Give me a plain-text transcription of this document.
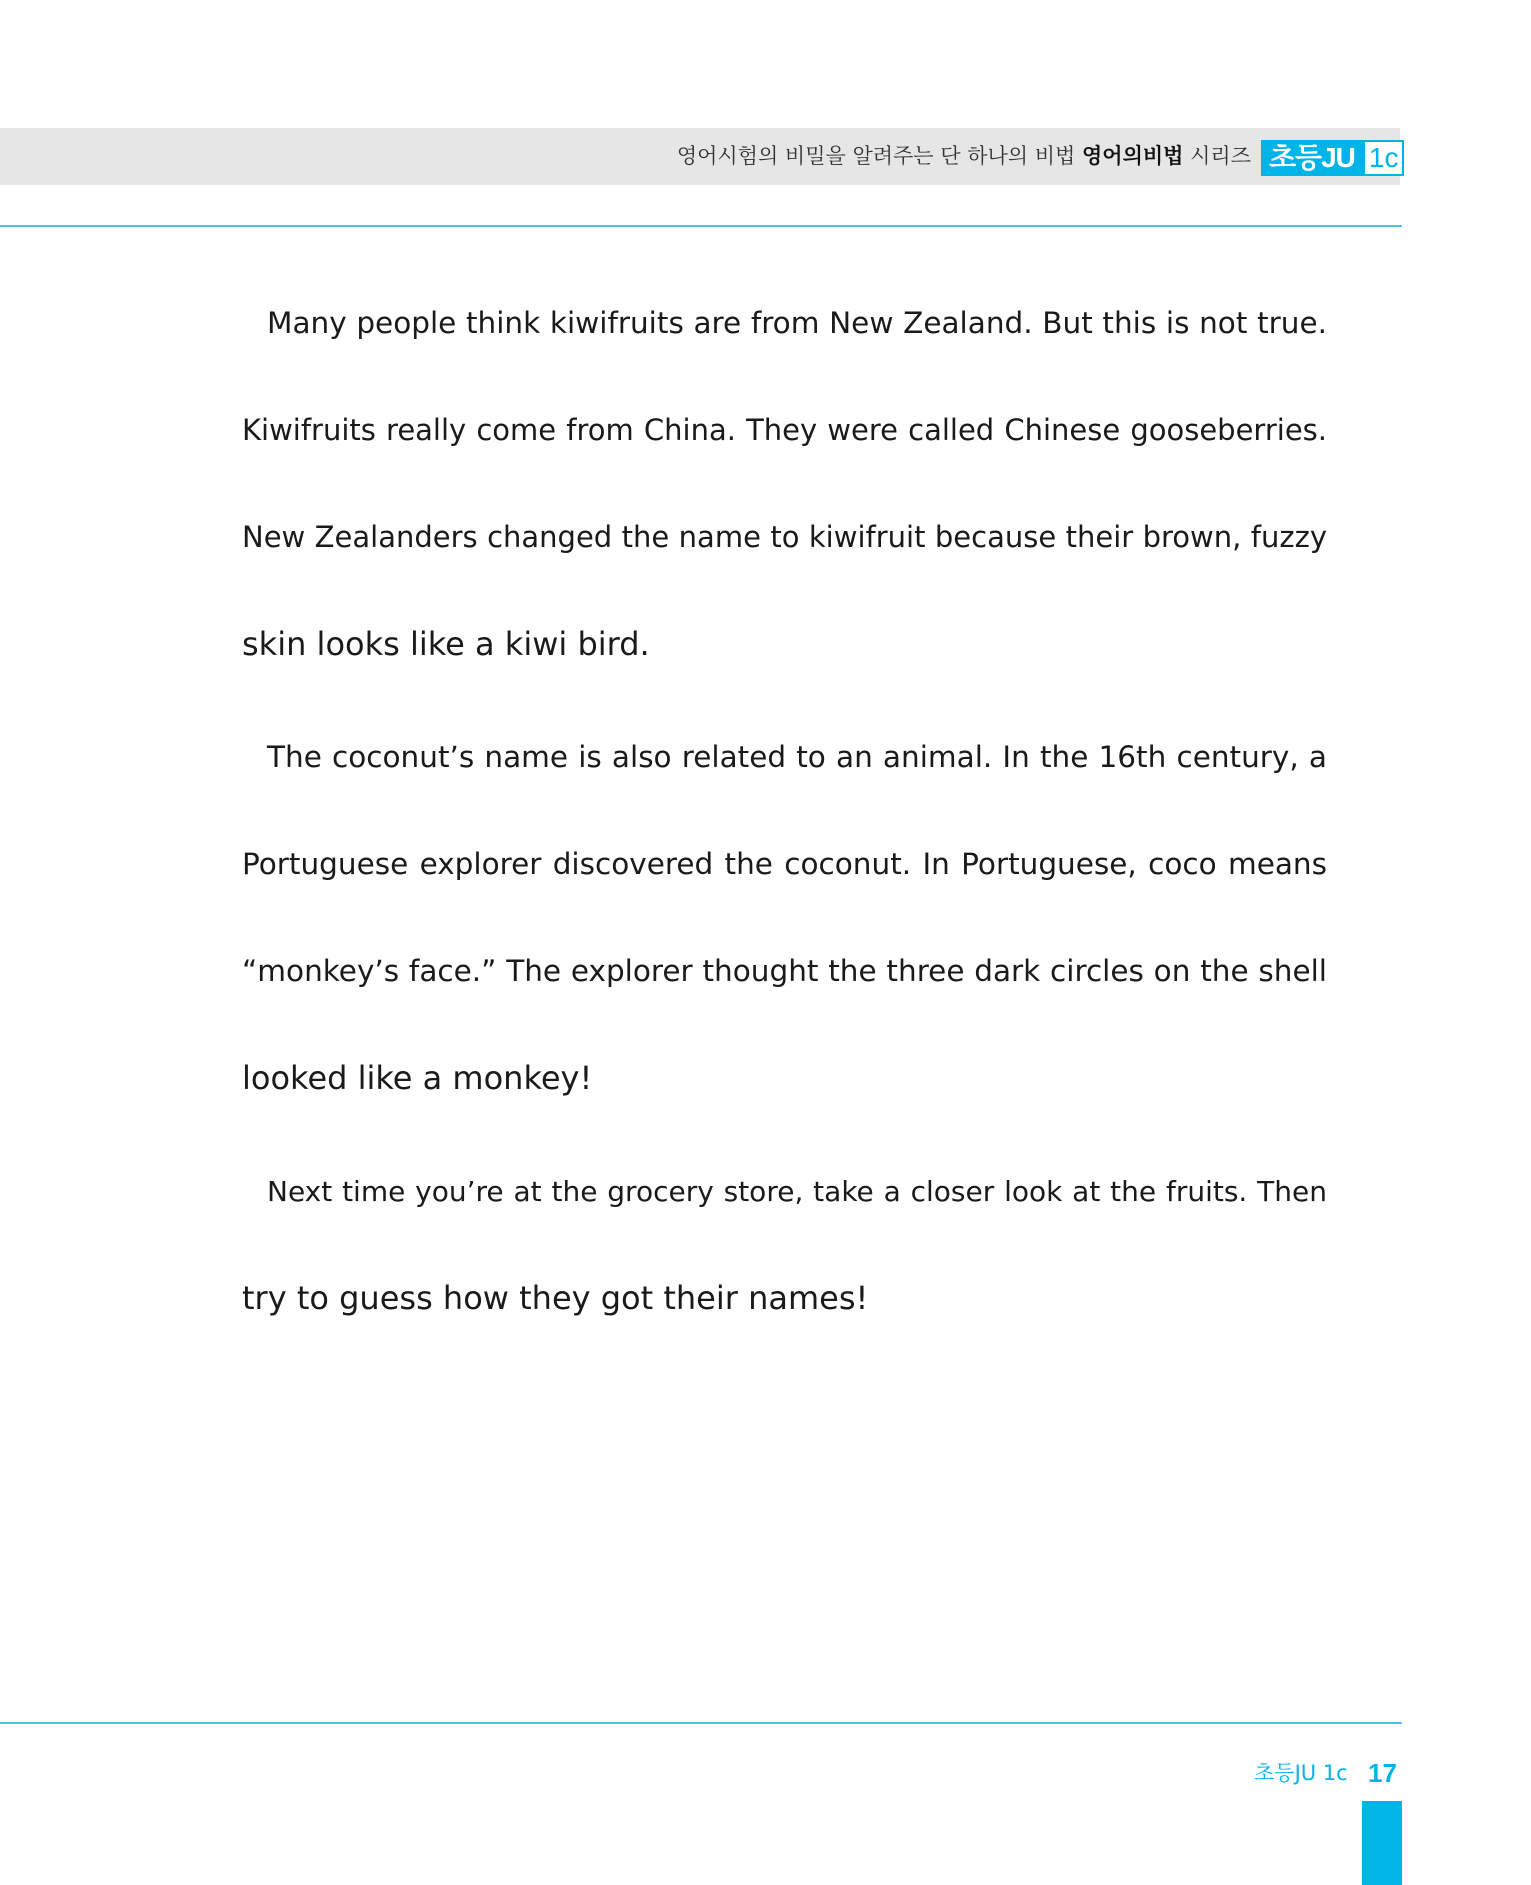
영어시험의 비밀을 알려주는 단 하나의 비법 영어의비법 시리즈 초등JU 1c
Many people think kiwifruits are from New Zealand. But this is not true.
Kiwifruits really come from China. They were called Chinese gooseberries.
New Zealanders changed the name to kiwifruit because their brown, fuzzy
skin looks like a kiwi bird.
The coconut’s name is also related to an animal. In the 16th century, a
Portuguese explorer discovered the coconut. In Portuguese, coco means
“monkey’s face.” The explorer thought the three dark circles on the shell
looked like a monkey!
Next time you’re at the grocery store, take a closer look at the fruits. Then
try to guess how they got their names!
초등JU 1c 17
